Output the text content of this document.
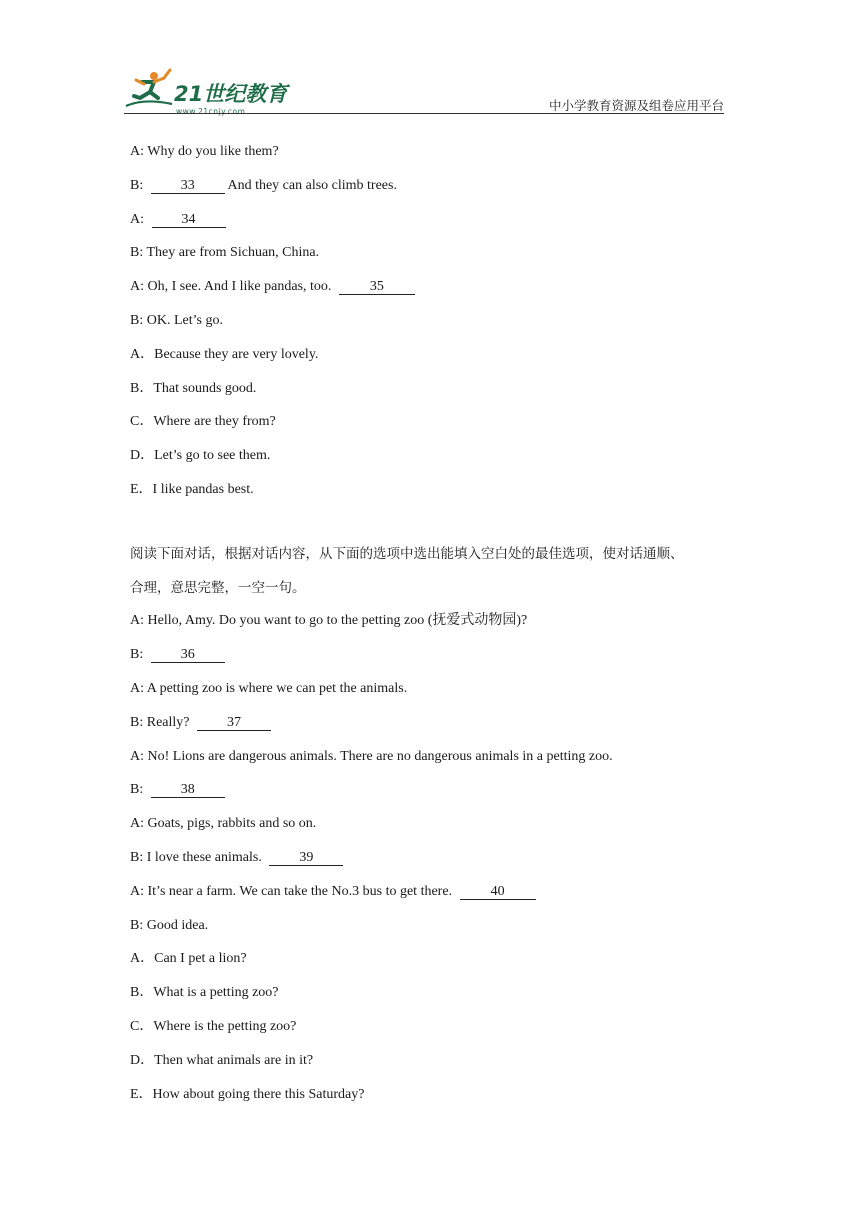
21世纪教育
www.21cnjy.com	中小学教育资源及组卷应用平台
A: Why do you like them?
B: 33 And they can also climb trees.
A: 34
B: They are from Sichuan, China.
A: Oh, I see. And I like pandas, too.	35
B: OK. Let’s go.
A．Because they are very lovely.
B．That sounds good.
C．Where are they from?
D．Let’s go to see them.
E．I like pandas best.
阅读下面对话，根据对话内容，从下面的选项中选出能填入空白处的最佳选项，使对话通顺、
合理，意思完整，一空一句。
A: Hello, Amy. Do you want to go to the petting zoo (抚爱式动物园)?
B: 36
A: A petting zoo is where we can pet the animals.
B: Really? 37
A: No! Lions are dangerous animals. There are no dangerous animals in a petting zoo.
B: 38
A: Goats, pigs, rabbits and so on.
B: I love these animals. 39
A: It’s near a farm. We can take the No.3 bus to get there.	40
B: Good idea.
A．Can I pet a lion?
B．What is a petting zoo?
C．Where is the petting zoo?
D．Then what animals are in it?
E．How about going there this Saturday?
